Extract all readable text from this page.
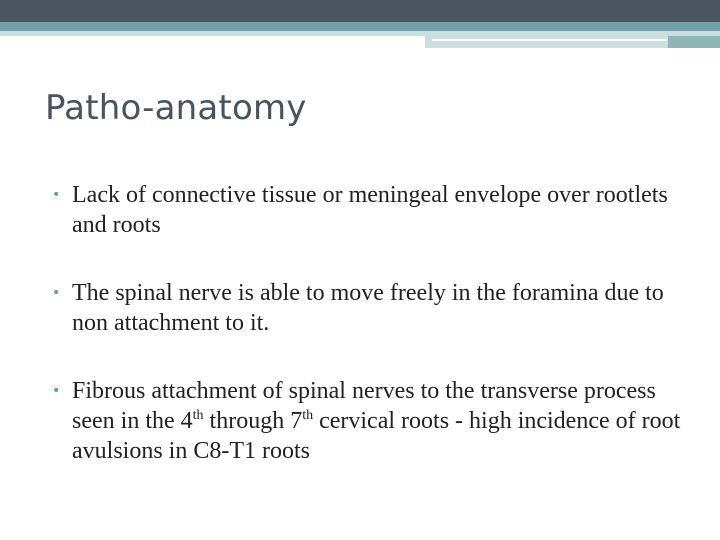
Patho-anatomy
• Lack of connective tissue or meningeal envelope over rootlets and roots
• The spinal nerve is able to move freely in the foramina due to non attachment to it.
• Fibrous attachment of spinal nerves to the transverse process seen in the 4th through 7th cervical roots - high incidence of root avulsions in C8-T1 roots
